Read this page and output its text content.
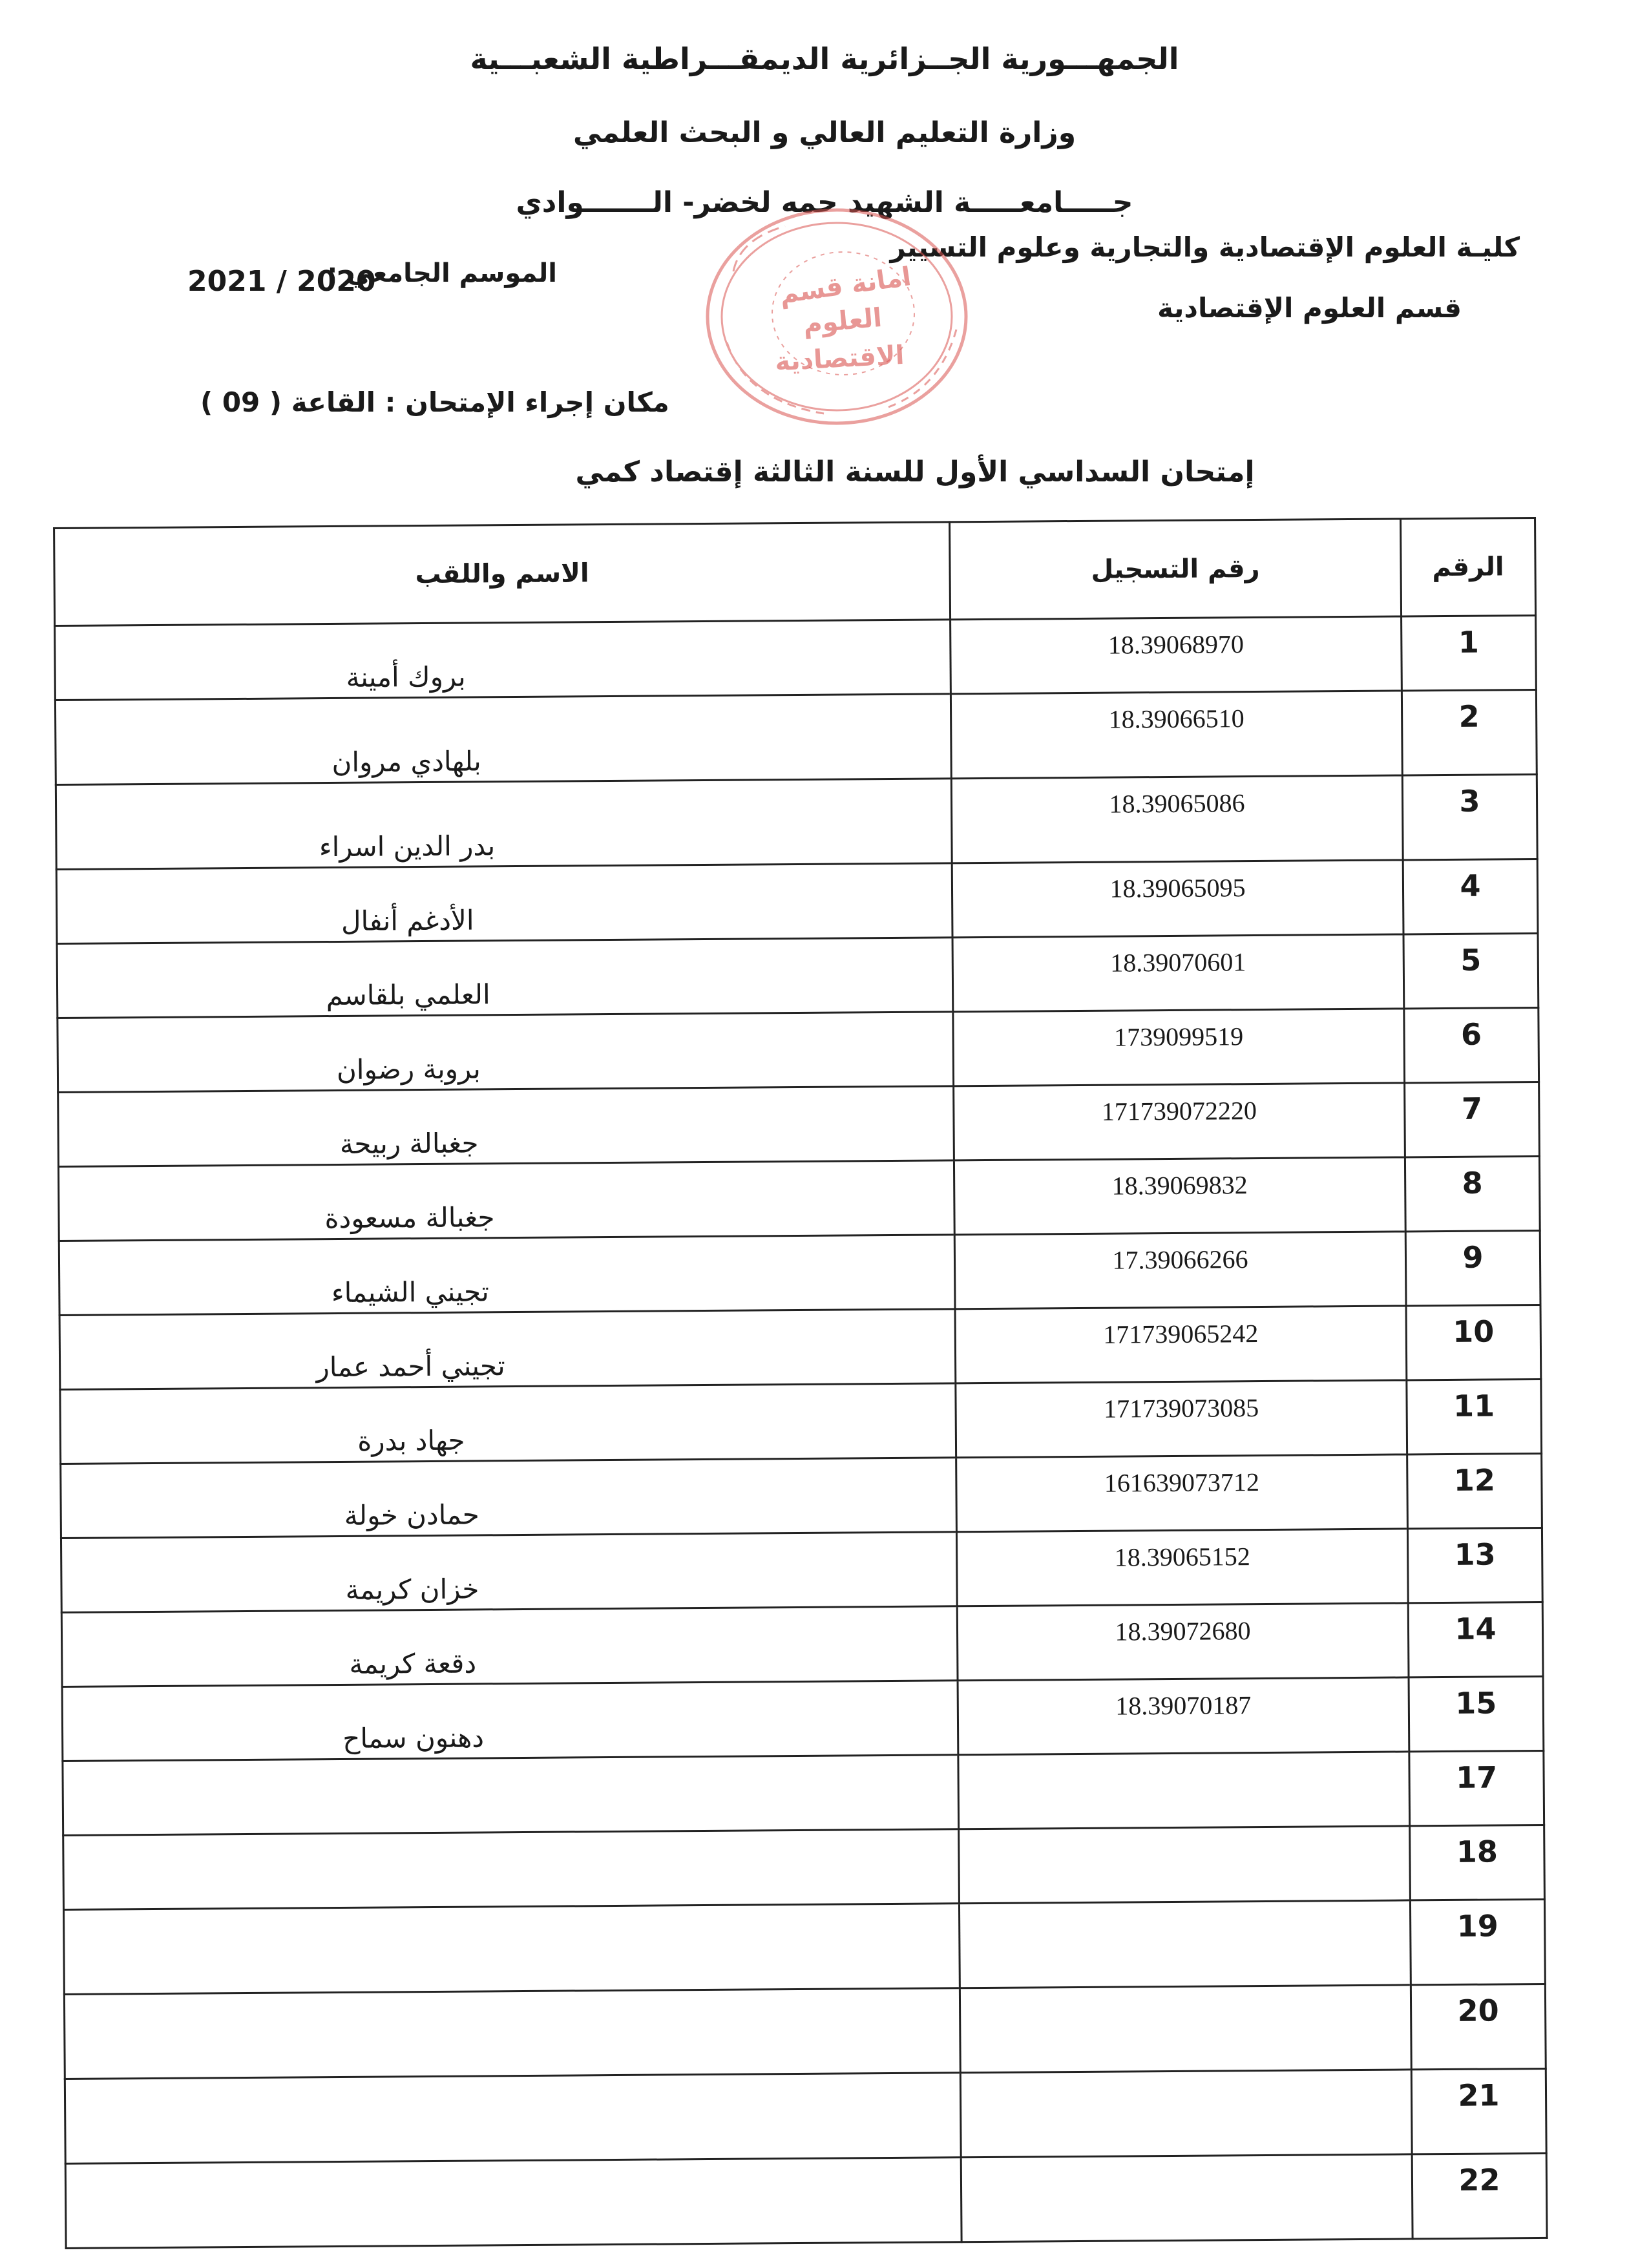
الجمهـــورية الجــزائرية الديمقـــراطية الشعبـــية
وزارة التعليم العالي و البحث العلمي
جـــــامعـــــة الشهيد حمه لخضر- الـــــــوادي
كليـة العلوم الإقتصادية والتجارية وعلوم التسيير
قسم العلوم الإقتصادية
الموسم الجامعي :
2021 / 2020
مكان إجراء الإمتحان : القاعة ( 09 )
إمتحان السداسي الأول للسنة الثالثة إقتصاد كمي
امانة قسم
العلوم
الاقتصادية
الرقم	رقم التسجيل	الاسم واللقب
1	18.39068970	بروك أمينة
2	18.39066510	بلهادي مروان
3	18.39065086	بدر الدين اسراء
4	18.39065095	الأدغم أنفال
5	18.39070601	العلمي بلقاسم
6	1739099519	بروبة رضوان
7	171739072220	جغبالة ربيحة
8	18.39069832	جغبالة مسعودة
9	17.39066266	تجيني الشيماء
10	171739065242	تجيني أحمد عمار
11	171739073085	جهاد بدرة
12	161639073712	حمادن خولة
13	18.39065152	خزان كريمة
14	18.39072680	دقعة كريمة
15	18.39070187	دهنون سماح
17		
18		
19		
20		
21		
22		
